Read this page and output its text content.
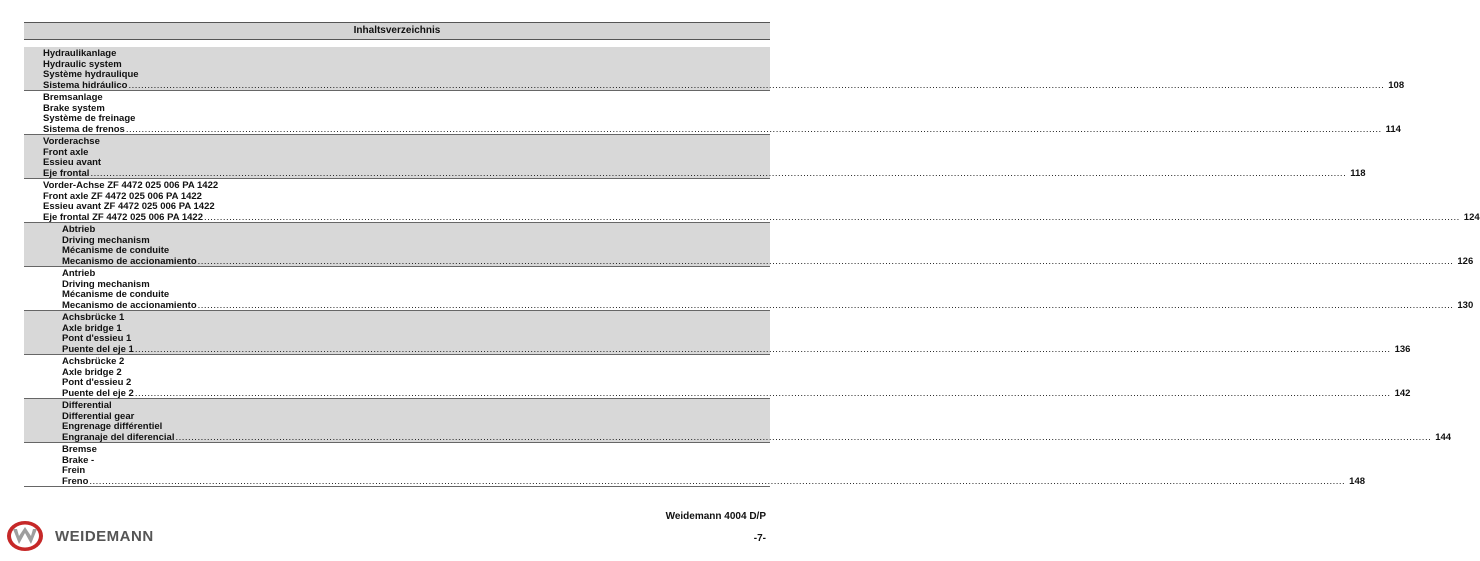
Inhaltsverzeichnis
Hydraulikanlage
Hydraulic system
Système hydraulique
Sistema hidráulico ................................................................................................................................................................................................................................................................................................................................................................................................................ 108
Bremsanlage
Brake system
Système de freinage
Sistema de frenos ................................................................................................................................................................................................................................................................................................................................................................................................................ 114
Vorderachse
Front axle
Essieu avant
Eje frontal ................................................................................................................................................................................................................................................................................................................................................................................................................ 118
Vorder-Achse ZF 4472 025 006 PA 1422
Front axle ZF 4472 025 006 PA 1422
Essieu avant ZF 4472 025 006 PA 1422
Eje frontal ZF 4472 025 006 PA 1422 ................................................................................................................................................................................................................................................................................................................................................................................................................ 124
Abtrieb
Driving mechanism
Mécanisme de conduite
Mecanismo de accionamiento ................................................................................................................................................................................................................................................................................................................................................................................................................ 126
Antrieb
Driving mechanism
Mécanisme de conduite
Mecanismo de accionamiento ................................................................................................................................................................................................................................................................................................................................................................................................................ 130
Achsbrücke 1
Axle bridge 1
Pont d'essieu 1
Puente del eje 1 ................................................................................................................................................................................................................................................................................................................................................................................................................ 136
Achsbrücke 2
Axle bridge 2
Pont d'essieu 2
Puente del eje 2 ................................................................................................................................................................................................................................................................................................................................................................................................................ 142
Differential
Differential gear
Engrenage différentiel
Engranaje del diferencial ................................................................................................................................................................................................................................................................................................................................................................................................................ 144
Bremse
Brake -
Frein
Freno ................................................................................................................................................................................................................................................................................................................................................................................................................ 148
WEIDEMANN
Weidemann 4004 D/P
-7-
